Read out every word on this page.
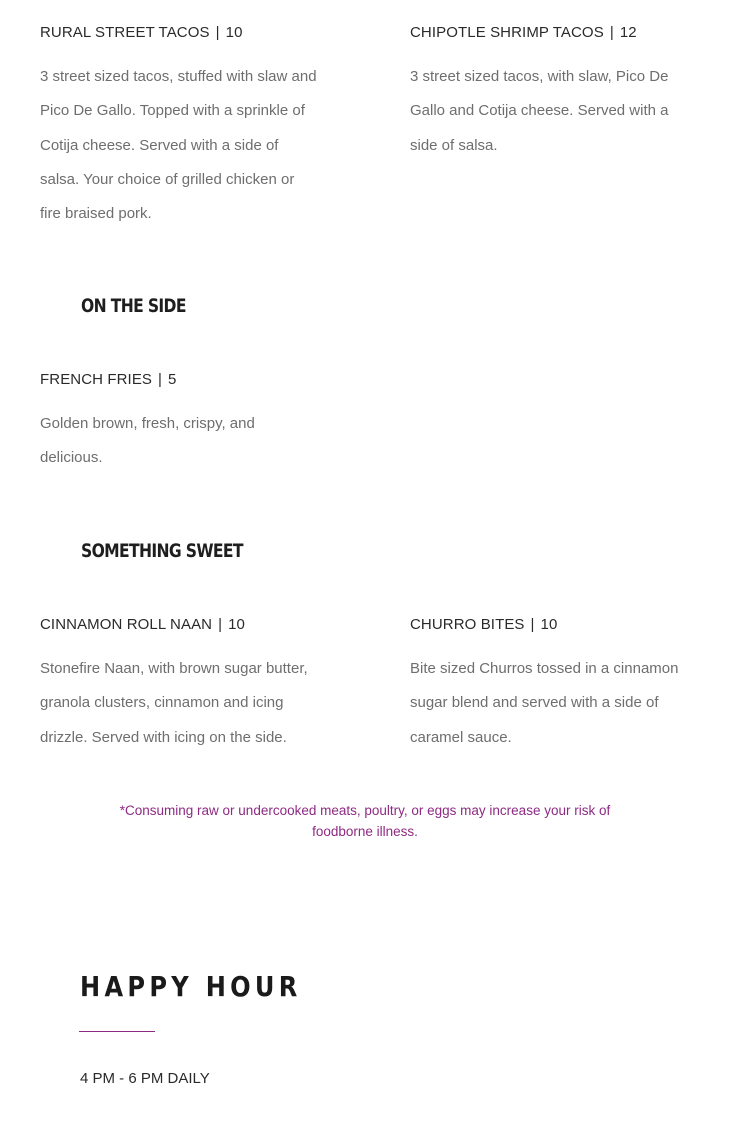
RURAL STREET TACOS | 10
3 street sized tacos, stuffed with slaw and
Pico De Gallo. Topped with a sprinkle of
Cotija cheese. Served with a side of
salsa. Your choice of grilled chicken or
fire braised pork.
CHIPOTLE SHRIMP TACOS | 12
3 street sized tacos, with slaw, Pico De
Gallo and Cotija cheese. Served with a
side of salsa.
ON THE SIDE
FRENCH FRIES | 5
Golden brown, fresh, crispy, and
delicious.
SOMETHING SWEET
CINNAMON ROLL NAAN | 10
Stonefire Naan, with brown sugar butter,
granola clusters, cinnamon and icing
drizzle. Served with icing on the side.
CHURRO BITES | 10
Bite sized Churros tossed in a cinnamon
sugar blend and served with a side of
caramel sauce.
*Consuming raw or undercooked meats, poultry, or eggs may increase your risk of
foodborne illness.
HAPPY HOUR
4 PM - 6 PM DAILY
